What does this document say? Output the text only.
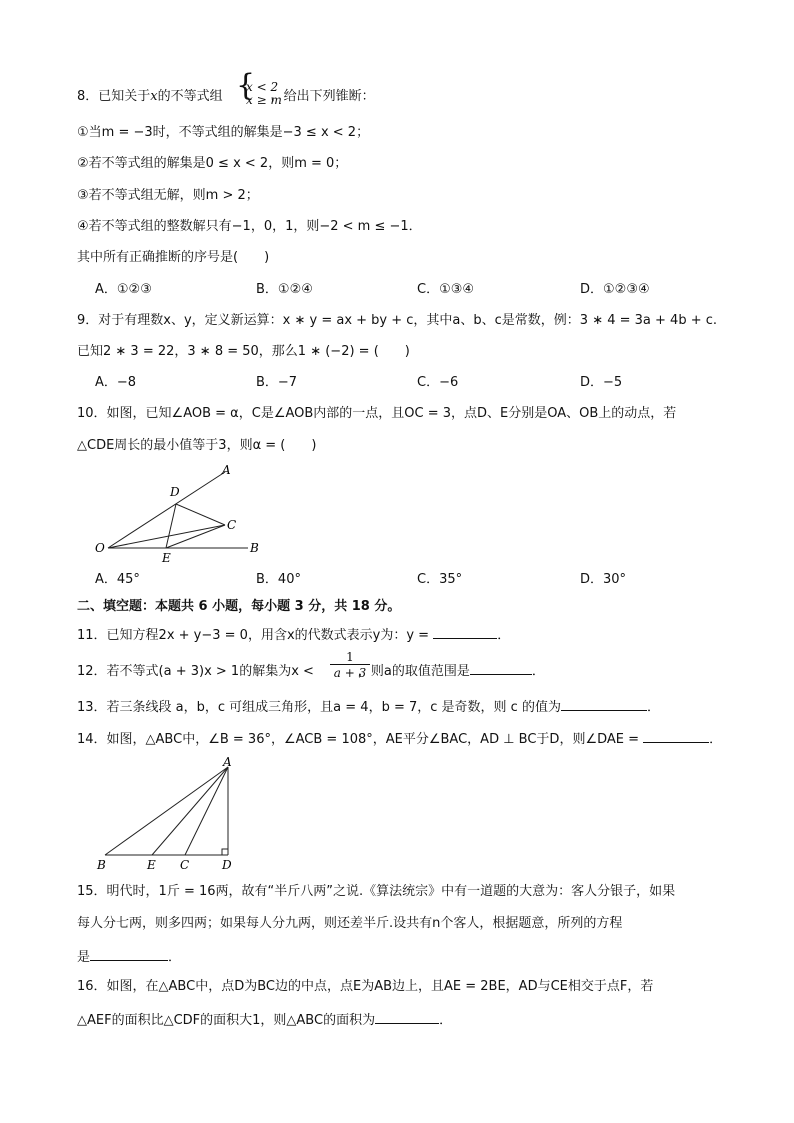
8．已知关于x的不等式组	，给出下列锥断：
{
x < 2
x ≥ m
①当m = −3时，不等式组的解集是−3 ≤ x < 2；
②若不等式组的解集是0 ≤ x < 2，则m = 0；
③若不等式组无解，则m > 2；
④若不等式组的整数解只有−1，0，1，则−2 < m ≤ −1．
其中所有正确推断的序号是(　　)
A．①②③	B．①②④	C．①③④	D．①②③④
9．对于有理数x、y，定义新运算：x ∗ y = ax + by + c，其中a、b、c是常数，例：3 ∗ 4 = 3a + 4b + c.
已知2 ∗ 3 = 22，3 ∗ 8 = 50，那么1 ∗ (−2) = (　　)
A．−8	B．−7	C．−6	D．−5
10．如图，已知∠AOB = α，C是∠AOB内部的一点，且OC = 3，点D、E分别是OA、OB上的动点，若
△CDE周长的最小值等于3，则α = (　　)
A
B
C
D
E
O
A．45°	B．40°	C．35°	D．30°
二、填空题：本题共 6 小题，每小题 3 分，共 18 分。
11．已知方程2x + y−3 = 0，用含x的代数式表示y为：y =	．
12．若不等式(a + 3)x > 1的解集为x <	，则a的取值范围是	．
$\frac{1}{a + 3}$
13．若三条线段 a，b，c 可组成三角形，且a = 4，b = 7，c 是奇数，则 c 的值为	．
14．如图，△ABC中，∠B = 36°，∠ACB = 108°，AE平分∠BAC，AD ⊥ BC于D，则∠DAE =	．
A
B	E C	D
15．明代时，1斤 = 16两，故有“半斤八两”之说.《算法统宗》中有一道题的大意为：客人分银子，如果
每人分七两，则多四两；如果每人分九两，则还差半斤.设共有n个客人，根据题意，所列的方程
是	．
16．如图，在△ABC中，点D为BC边的中点，点E为AB边上，且AE = 2BE，AD与CE相交于点F，若
△AEF的面积比△CDF的面积大1，则△ABC的面积为	．
